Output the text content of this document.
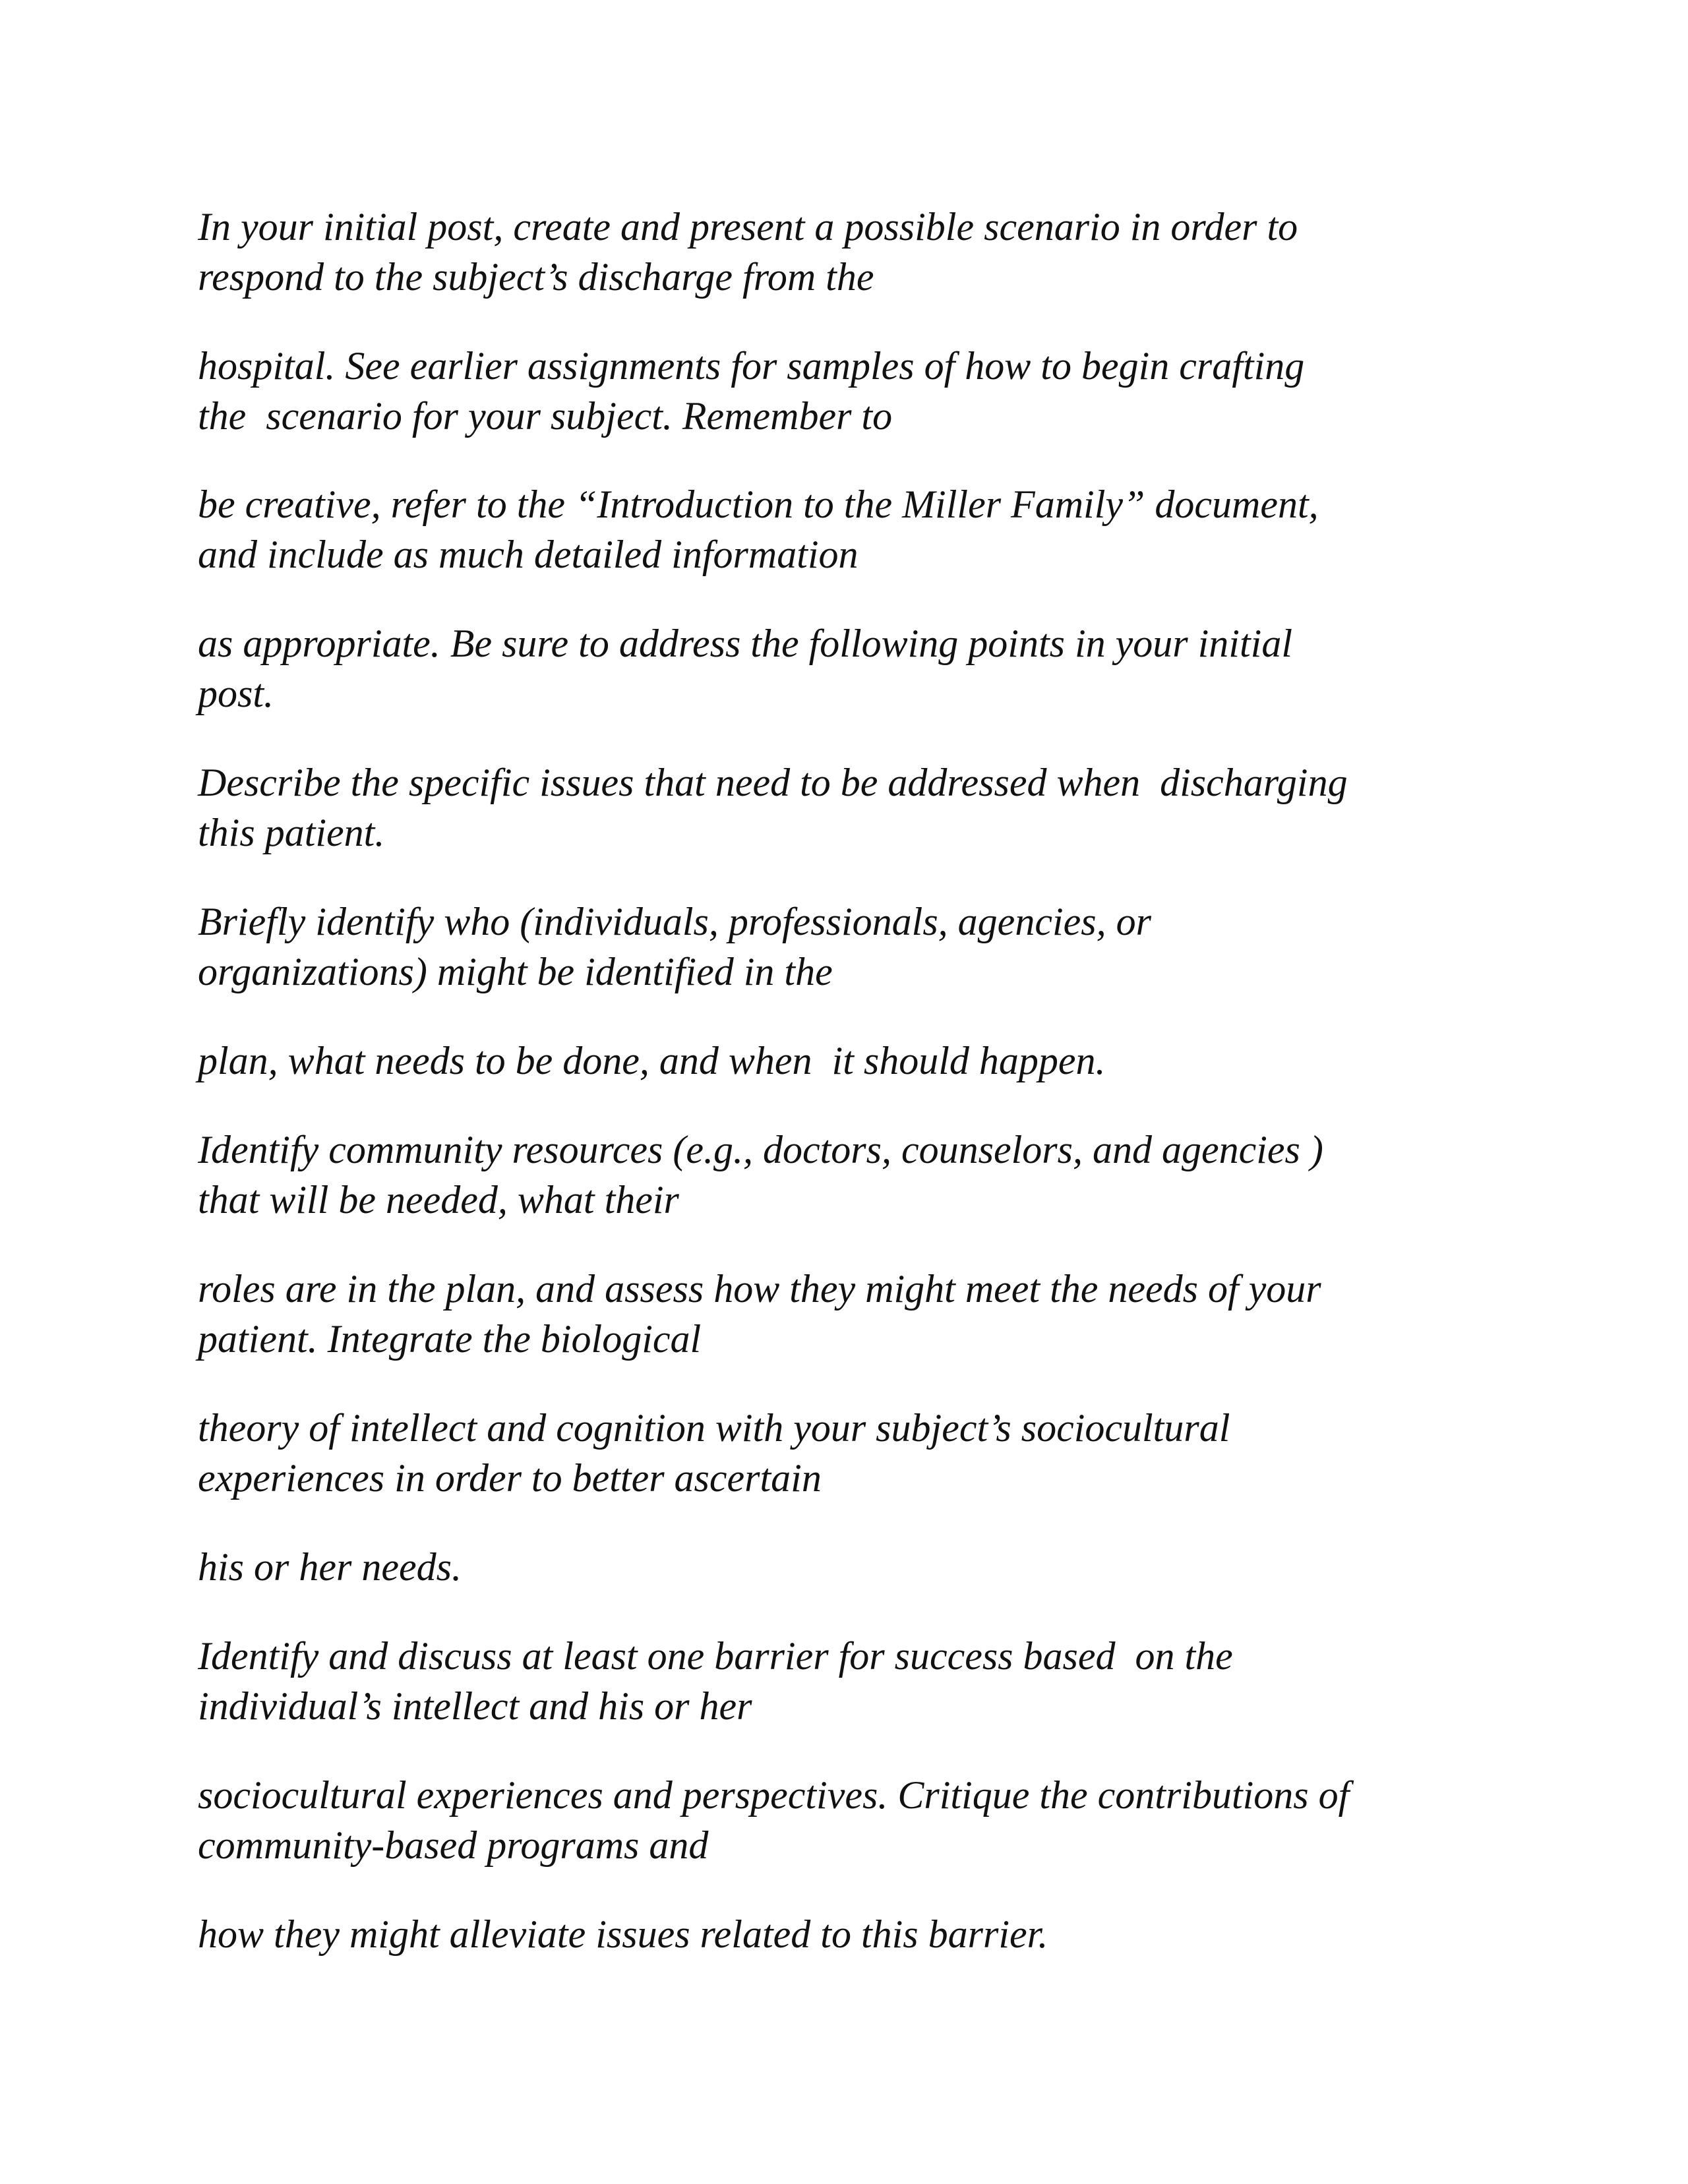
In your initial post, create and present a possible scenario in order to
respond to the subject’s discharge from the

hospital. See earlier assignments for samples of how to begin crafting
the  scenario for your subject. Remember to

be creative, refer to the “Introduction to the Miller Family” document,
and include as much detailed information

as appropriate. Be sure to address the following points in your initial
post.

Describe the specific issues that need to be addressed when  discharging
this patient.

Briefly identify who (individuals, professionals, agencies, or
organizations) might be identified in the

plan, what needs to be done, and when  it should happen.

Identify community resources (e.g., doctors, counselors, and agencies )
that will be needed, what their

roles are in the plan, and assess how they might meet the needs of your
patient. Integrate the biological

theory of intellect and cognition with your subject’s sociocultural
experiences in order to better ascertain

his or her needs.

Identify and discuss at least one barrier for success based  on the
individual’s intellect and his or her

sociocultural experiences and perspectives. Critique the contributions of
community-based programs and

how they might alleviate issues related to this barrier.
